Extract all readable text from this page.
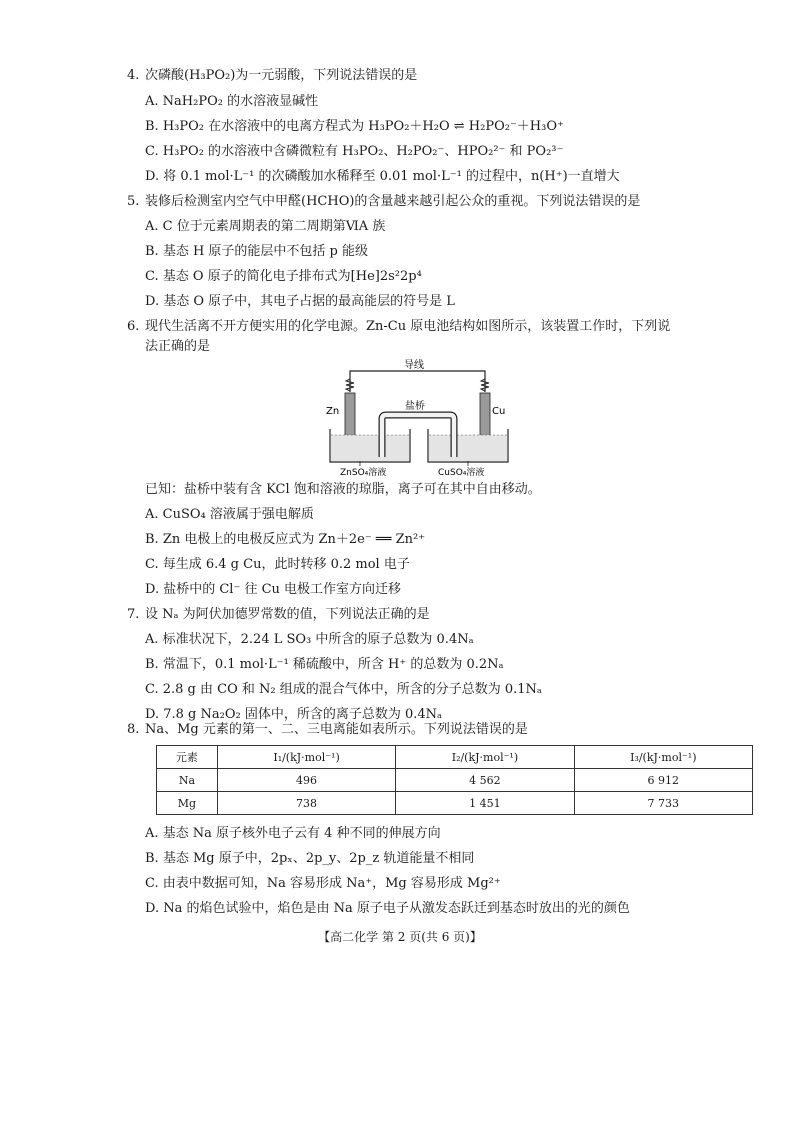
4. 次磷酸(H₃PO₂)为一元弱酸，下列说法错误的是
A. NaH₂PO₂ 的水溶液显碱性
B. H₃PO₂ 在水溶液中的电离方程式为 H₃PO₂＋H₂O ⇌ H₂PO₂⁻＋H₃O⁺
C. H₃PO₂ 的水溶液中含磷微粒有 H₃PO₂、H₂PO₂⁻、HPO₂²⁻ 和 PO₂³⁻
D. 将 0.1 mol·L⁻¹ 的次磷酸加水稀释至 0.01 mol·L⁻¹ 的过程中，n(H⁺)一直增大
5. 装修后检测室内空气中甲醛(HCHO)的含量越来越引起公众的重视。下列说法错误的是
A. C 位于元素周期表的第二周期第ⅥA 族
B. 基态 H 原子的能层中不包括 p 能级
C. 基态 O 原子的简化电子排布式为[He]2s²2p⁴
D. 基态 O 原子中，其电子占据的最高能层的符号是 L
6. 现代生活离不开方便实用的化学电源。Zn-Cu 原电池结构如图所示，该装置工作时，下列说
法正确的是
导线
Zn	Cu
盐桥
ZnSO₄溶液	CuSO₄溶液
已知：盐桥中装有含 KCl 饱和溶液的琼脂，离子可在其中自由移动。
A. CuSO₄ 溶液属于强电解质
B. Zn 电极上的电极反应式为 Zn＋2e⁻ ══ Zn²⁺
C. 每生成 6.4 g Cu，此时转移 0.2 mol 电子
D. 盐桥中的 Cl⁻ 往 Cu 电极工作室方向迁移
7. 设 Nₐ 为阿伏加德罗常数的值，下列说法正确的是
A. 标准状况下，2.24 L SO₃ 中所含的原子总数为 0.4Nₐ
B. 常温下，0.1 mol·L⁻¹ 稀硫酸中，所含 H⁺ 的总数为 0.2Nₐ
C. 2.8 g 由 CO 和 N₂ 组成的混合气体中，所含的分子总数为 0.1Nₐ
D. 7.8 g Na₂O₂ 固体中，所含的离子总数为 0.4Nₐ
8. Na、Mg 元素的第一、二、三电离能如表所示。下列说法错误的是
元素	I₁/(kJ·mol⁻¹)	I₂/(kJ·mol⁻¹)	I₃/(kJ·mol⁻¹)
Na	496	4 562	6 912
Mg	738	1 451	7 733
A. 基态 Na 原子核外电子云有 4 种不同的伸展方向
B. 基态 Mg 原子中，2pₓ、2p_y、2p_z 轨道能量不相同
C. 由表中数据可知，Na 容易形成 Na⁺，Mg 容易形成 Mg²⁺
D. Na 的焰色试验中，焰色是由 Na 原子电子从激发态跃迁到基态时放出的光的颜色
【高二化学 第 2 页(共 6 页)】
